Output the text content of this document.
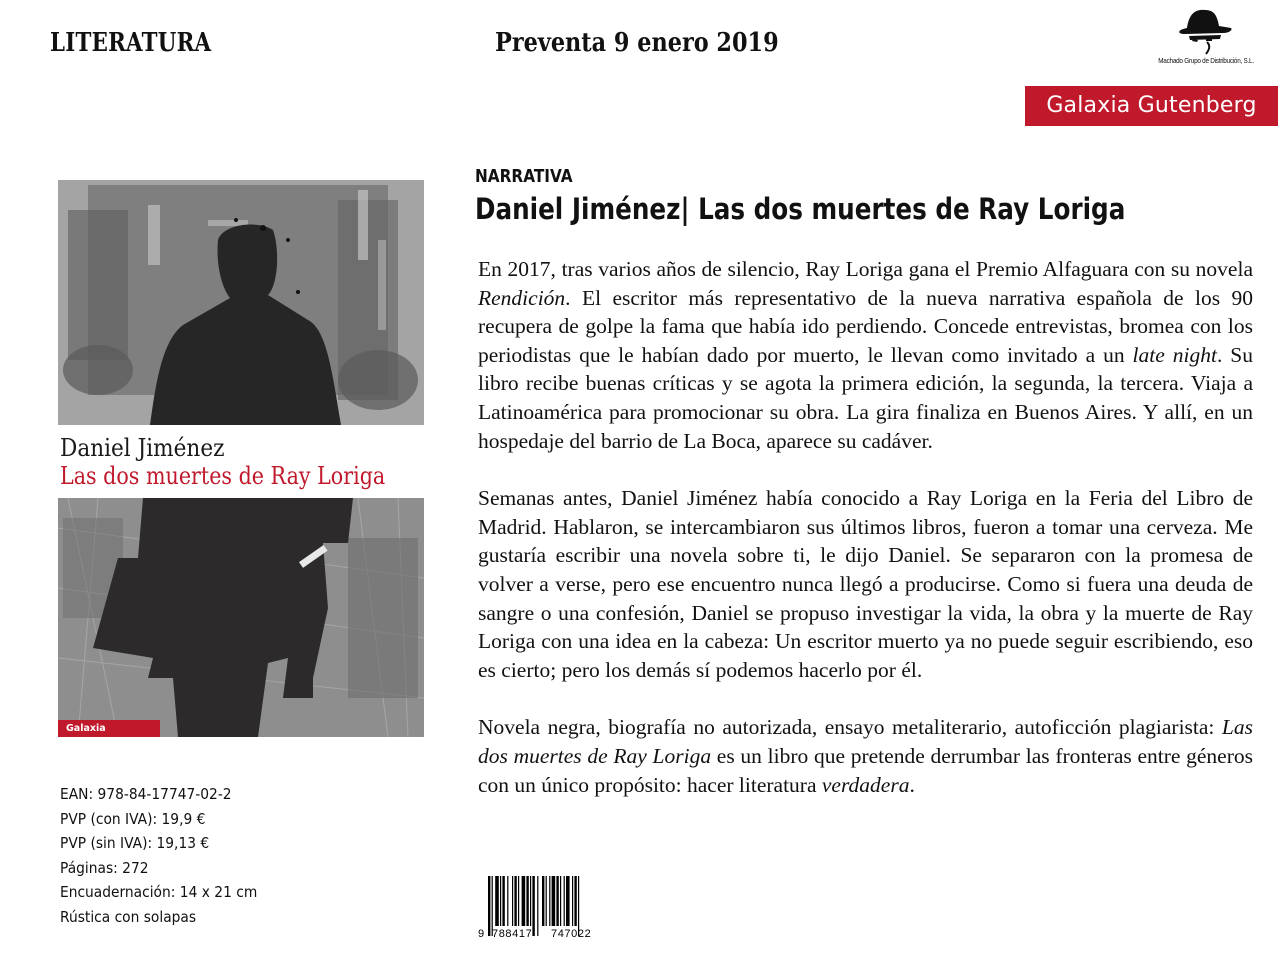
LITERATURA	Preventa 9 enero 2019
Machado Grupo de Distribución, S.L.
Galaxia Gutenberg
Daniel Jiménez
Las dos muertes de Ray Loriga
Galaxia Gutenberg
NARRATIVA
Daniel Jiménez| Las dos muertes de Ray Loriga

En 2017, tras varios años de silencio, Ray Loriga gana el Premio Alfaguara con su novela Rendición. El escritor más representativo de la nueva narrativa española de los 90 recupera de golpe la fama que había ido perdiendo. Concede entrevistas, bromea con los periodistas que le habían dado por muerto, le llevan como invitado a un late night. Su libro recibe buenas críticas y se agota la primera edición, la segunda, la tercera. Viaja a Latinoamérica para promocionar su obra. La gira finaliza en Buenos Aires. Y allí, en un hospedaje del barrio de La Boca, aparece su cadáver.

Semanas antes, Daniel Jiménez había conocido a Ray Loriga en la Feria del Libro de Madrid. Hablaron, se intercambiaron sus últimos libros, fueron a tomar una cerveza. Me gustaría escribir una novela sobre ti, le dijo Daniel. Se separaron con la promesa de volver a verse, pero ese encuentro nunca llegó a producirse. Como si fuera una deuda de sangre o una confesión, Daniel se propuso investigar la vida, la obra y la muerte de Ray Loriga con una idea en la cabeza: Un escritor muerto ya no puede seguir escribiendo, eso es cierto; pero los demás sí podemos hacerlo por él.

Novela negra, biografía no autorizada, ensayo metaliterario, autoficción plagiarista: Las dos muertes de Ray Loriga es un libro que pretende derrumbar las fronteras entre géneros con un único propósito: hacer literatura verdadera.

EAN: 978-84-17747-02-2
PVP (con IVA): 19,9 €
PVP (sin IVA): 19,13 €
Páginas: 272
Encuadernación: 14 x 21 cm
Rústica con solapas
9 788417 747022
